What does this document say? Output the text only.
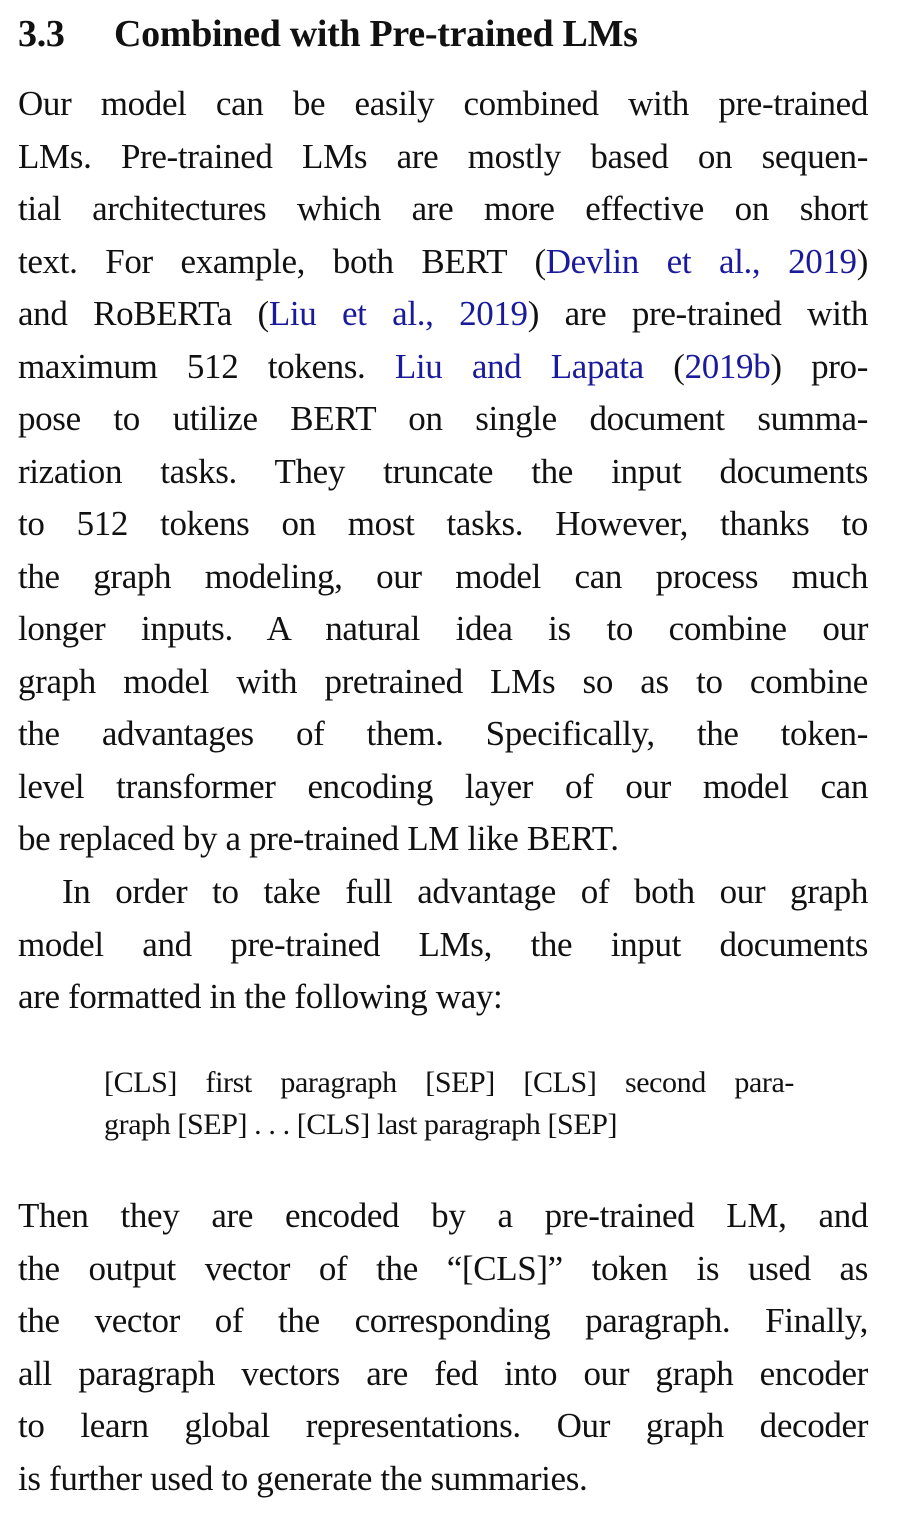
3.3 Combined with Pre-trained LMs
Our model can be easily combined with pre-trained
LMs. Pre-trained LMs are mostly based on sequen-
tial architectures which are more effective on short
text. For example, both BERT (Devlin et al., 2019)
and RoBERTa (Liu et al., 2019) are pre-trained with
maximum 512 tokens. Liu and Lapata (2019b) pro-
pose to utilize BERT on single document summa-
rization tasks. They truncate the input documents
to 512 tokens on most tasks. However, thanks to
the graph modeling, our model can process much
longer inputs. A natural idea is to combine our
graph model with pretrained LMs so as to combine
the advantages of them. Specifically, the token-
level transformer encoding layer of our model can
be replaced by a pre-trained LM like BERT.
In order to take full advantage of both our graph
model and pre-trained LMs, the input documents
are formatted in the following way:
[CLS] first paragraph [SEP] [CLS] second para-
graph [SEP] . . . [CLS] last paragraph [SEP]
Then they are encoded by a pre-trained LM, and
the output vector of the “[CLS]” token is used as
the vector of the corresponding paragraph. Finally,
all paragraph vectors are fed into our graph encoder
to learn global representations. Our graph decoder
is further used to generate the summaries.
